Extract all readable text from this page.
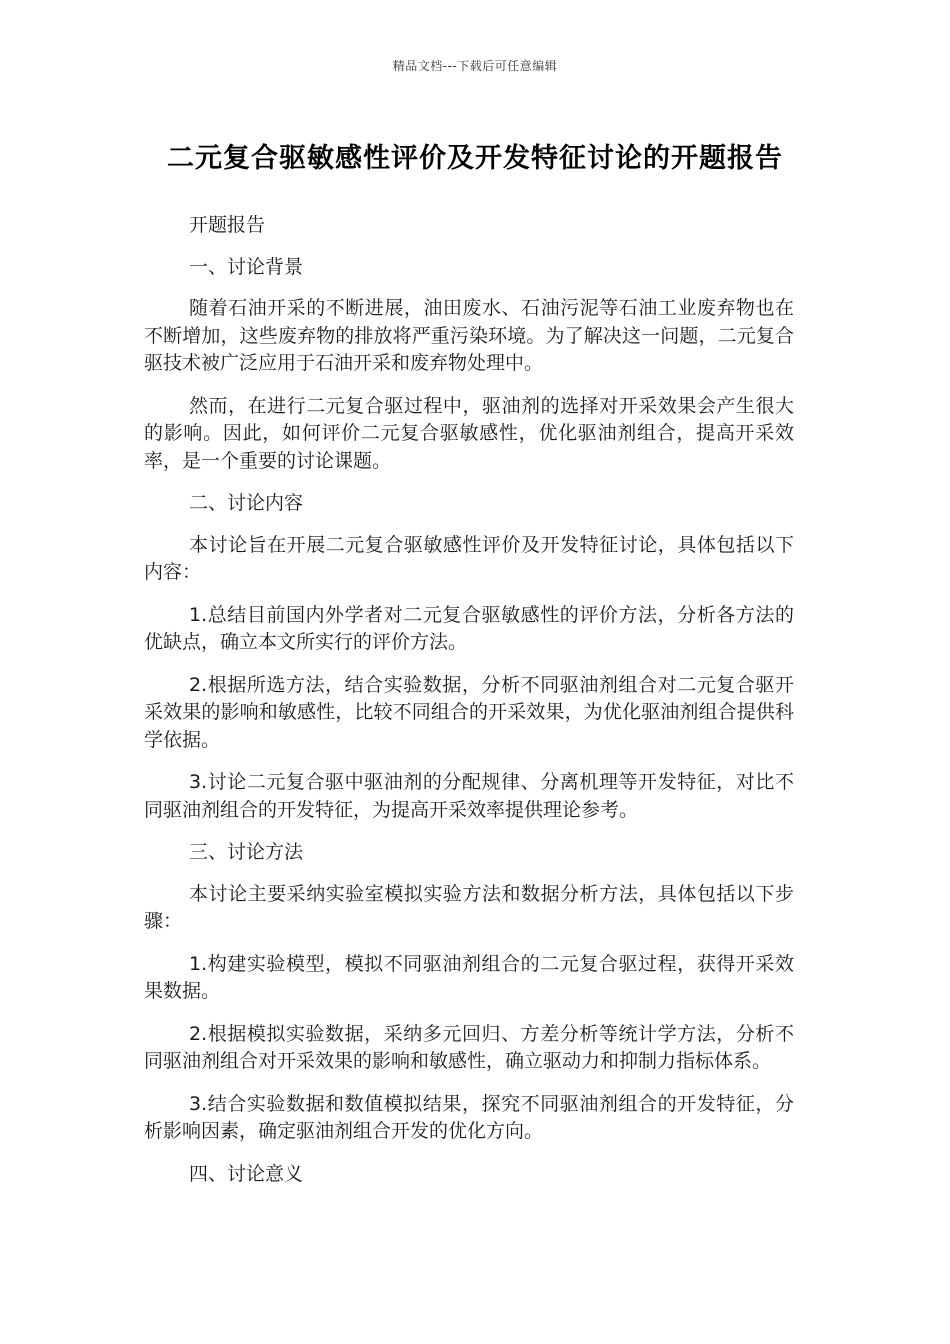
精品文档---下载后可任意编辑
二元复合驱敏感性评价及开发特征讨论的开题报告

开题报告

一、讨论背景

随着石油开采的不断进展，油田废水、石油污泥等石油工业废弃物也在不断增加，这些废弃物的排放将严重污染环境。为了解决这一问题，二元复合驱技术被广泛应用于石油开采和废弃物处理中。

然而，在进行二元复合驱过程中，驱油剂的选择对开采效果会产生很大的影响。因此，如何评价二元复合驱敏感性，优化驱油剂组合，提高开采效率，是一个重要的讨论课题。

二、讨论内容

本讨论旨在开展二元复合驱敏感性评价及开发特征讨论，具体包括以下内容：

1.总结目前国内外学者对二元复合驱敏感性的评价方法，分析各方法的优缺点，确立本文所实行的评价方法。

2.根据所选方法，结合实验数据，分析不同驱油剂组合对二元复合驱开采效果的影响和敏感性，比较不同组合的开采效果，为优化驱油剂组合提供科学依据。

3.讨论二元复合驱中驱油剂的分配规律、分离机理等开发特征，对比不同驱油剂组合的开发特征，为提高开采效率提供理论参考。

三、讨论方法

本讨论主要采纳实验室模拟实验方法和数据分析方法，具体包括以下步骤：

1.构建实验模型，模拟不同驱油剂组合的二元复合驱过程，获得开采效果数据。

2.根据模拟实验数据，采纳多元回归、方差分析等统计学方法，分析不同驱油剂组合对开采效果的影响和敏感性，确立驱动力和抑制力指标体系。

3.结合实验数据和数值模拟结果，探究不同驱油剂组合的开发特征，分析影响因素，确定驱油剂组合开发的优化方向。

四、讨论意义
